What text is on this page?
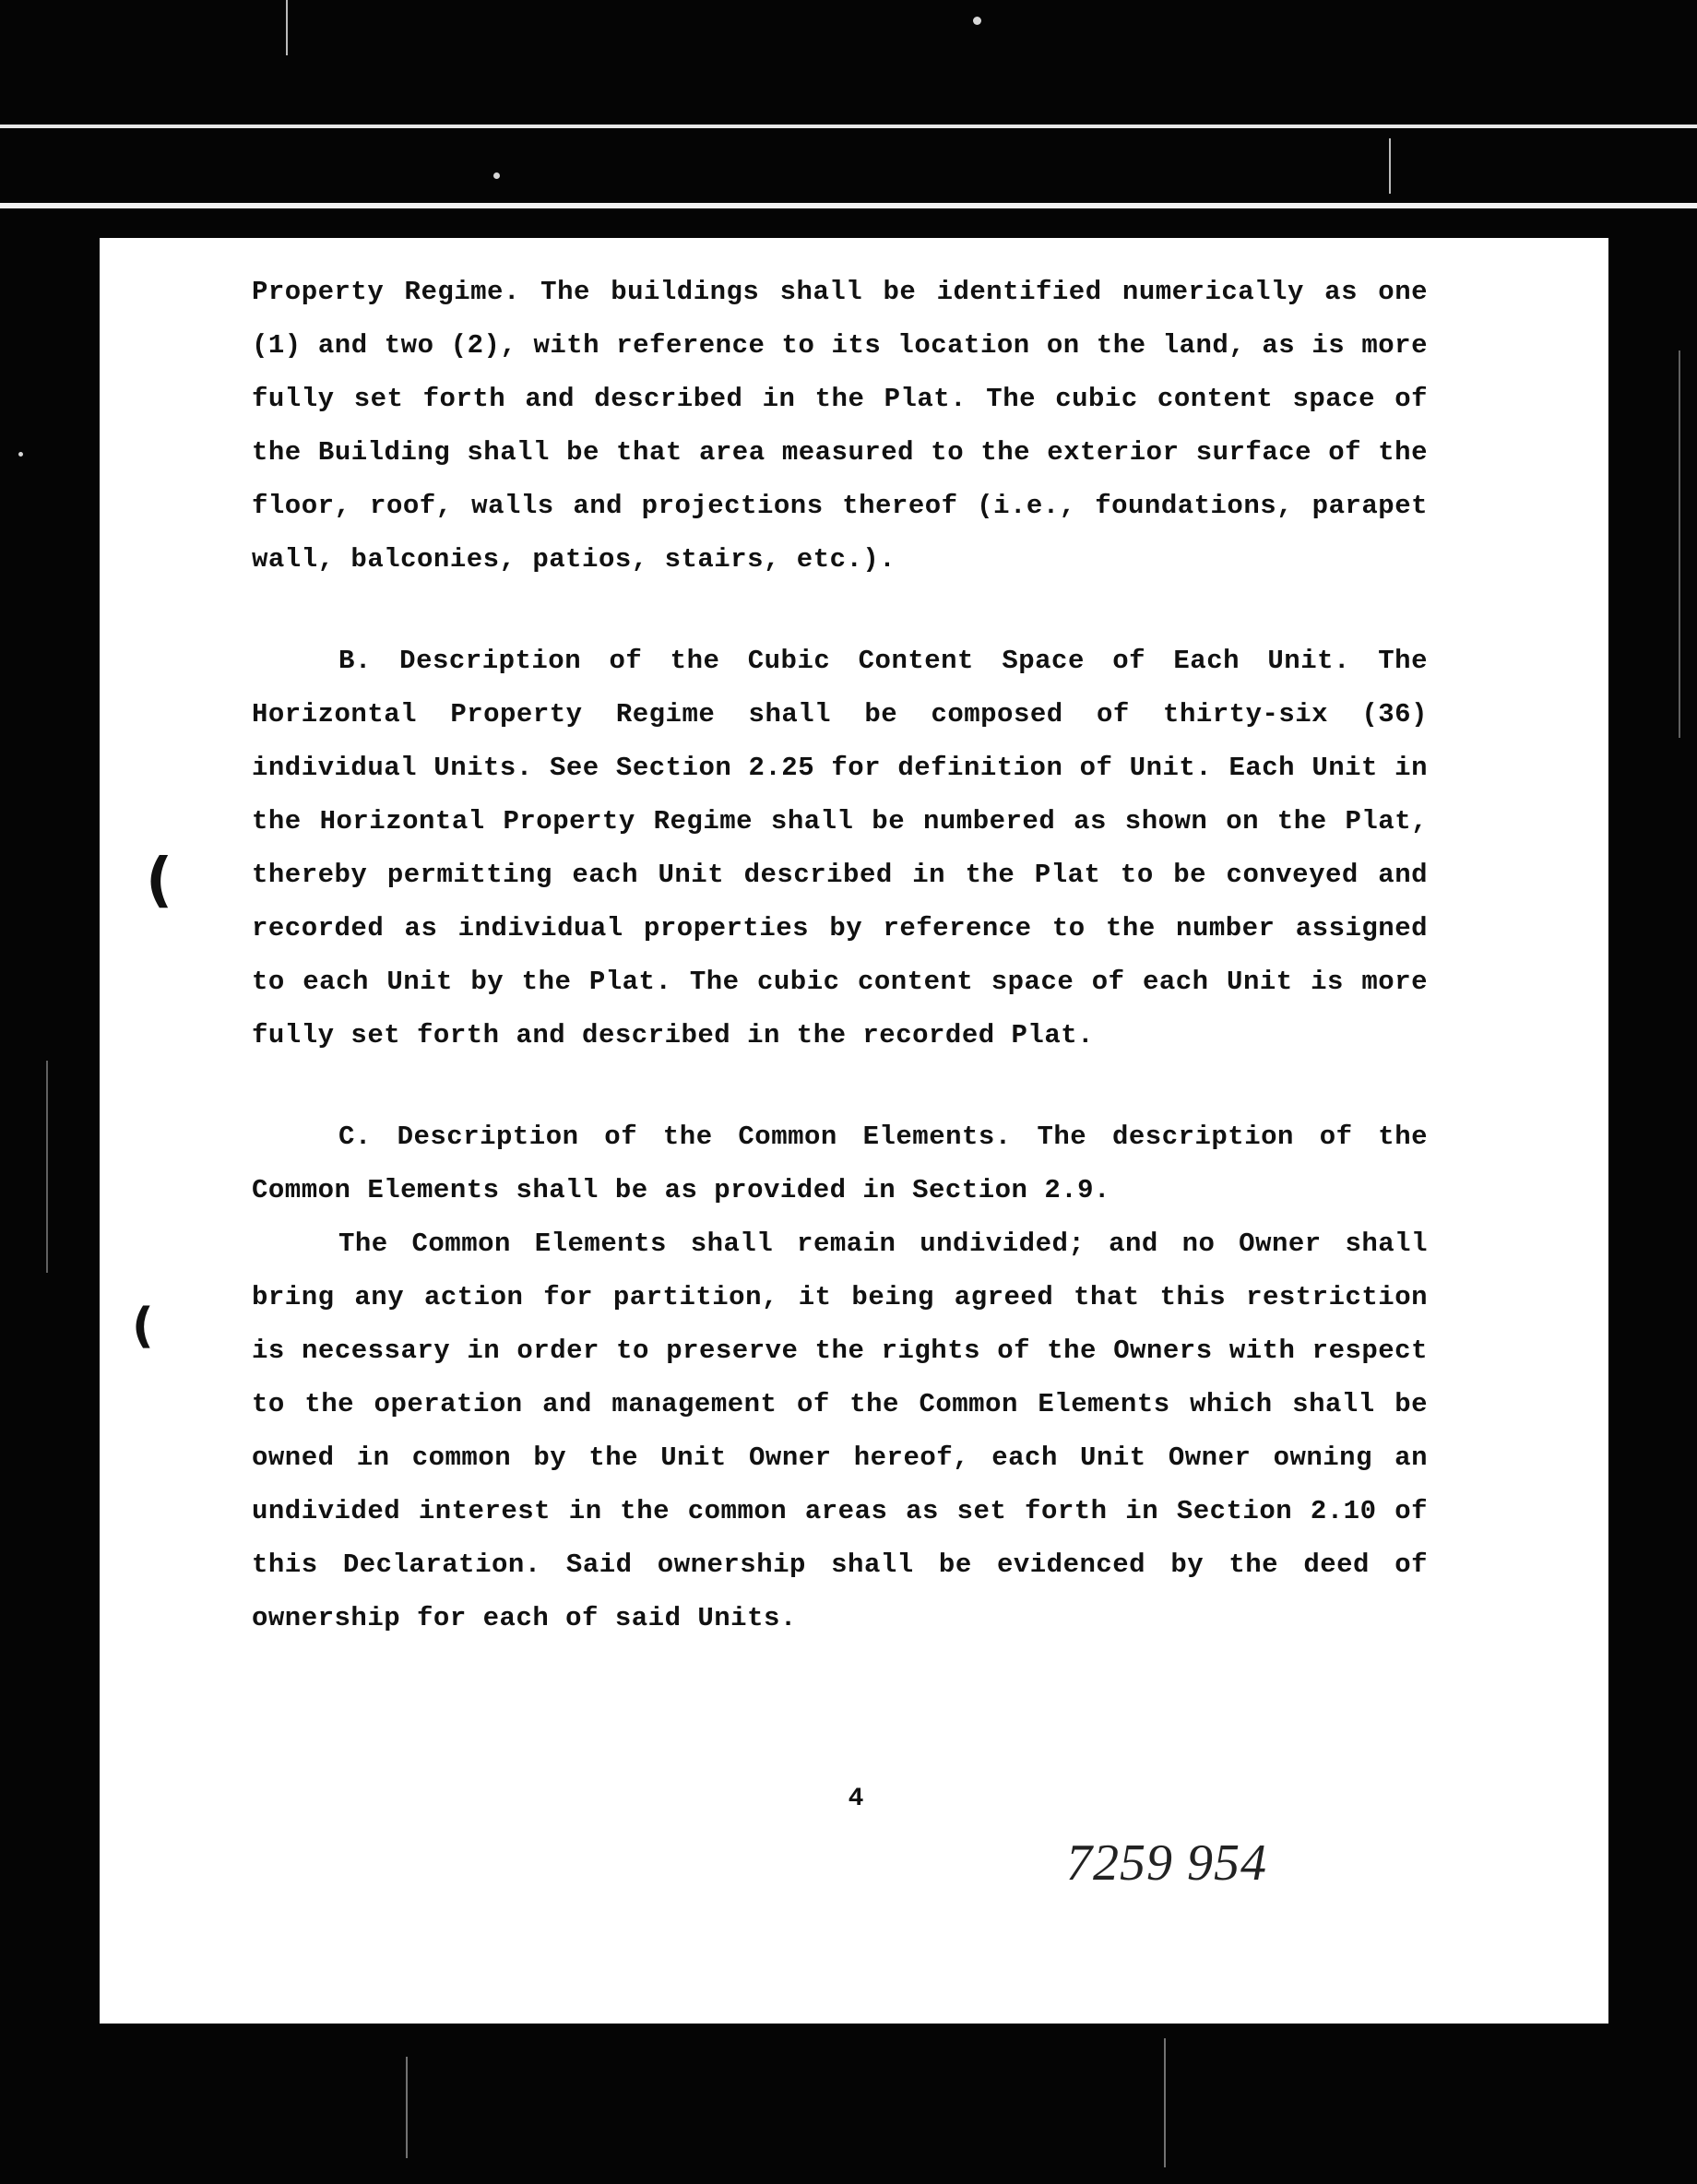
(
(

Property Regime. The buildings shall be identified numerically as one (1) and two (2), with reference to its location on the land, as is more fully set forth and described in the Plat. The cubic content space of the Building shall be that area measured to the exterior surface of the floor, roof, walls and projections thereof (i.e., foundations, parapet wall, balconies, patios, stairs, etc.).

B. Description of the Cubic Content Space of Each Unit. The Horizontal Property Regime shall be composed of thirty-six (36) individual Units. See Section 2.25 for definition of Unit. Each Unit in the Horizontal Property Regime shall be numbered as shown on the Plat, thereby permitting each Unit described in the Plat to be conveyed and recorded as individual properties by reference to the number assigned to each Unit by the Plat. The cubic content space of each Unit is more fully set forth and described in the recorded Plat.

C. Description of the Common Elements. The description of the Common Elements shall be as provided in Section 2.9.

The Common Elements shall remain undivided; and no Owner shall bring any action for partition, it being agreed that this restriction is necessary in order to preserve the rights of the Owners with respect to the operation and management of the Common Elements which shall be owned in common by the Unit Owner hereof, each Unit Owner owning an undivided interest in the common areas as set forth in Section 2.10 of this Declaration. Said ownership shall be evidenced by the deed of ownership for each of said Units.

4
7259 954
